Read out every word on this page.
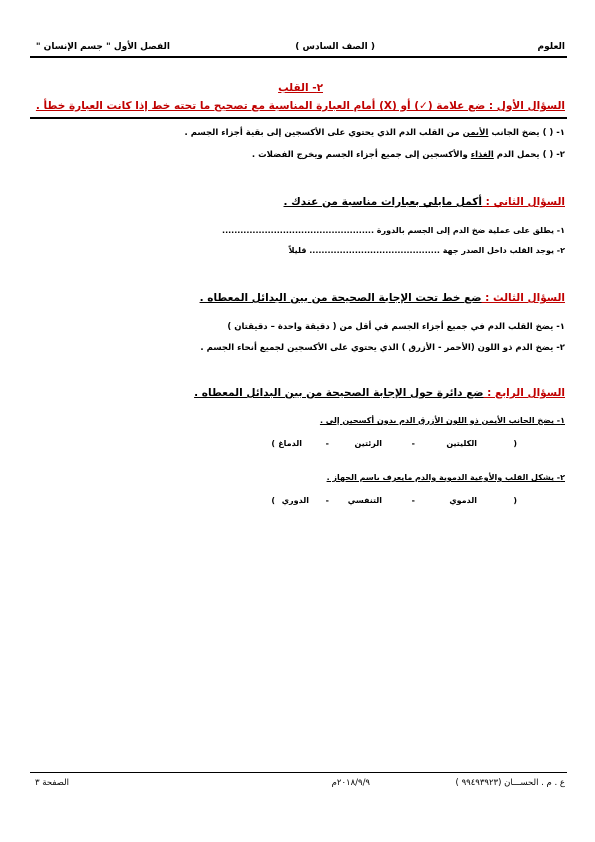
العلوم
( الصف السادس )
الفصل الأول " جسم الإنسان "
٢- القلب
السؤال الأول : ضع علامة (✓) أو (X) أمام العبارة المناسبة مع تصحيح ما تحته خط إذا كانت العبارة خطأ .
١- ( ) يضخ الجانب الأيمن من القلب الدم الذي يحتوي على الأكسجين إلى بقية أجزاء الجسم .
٢- ( ) يحمل الدم الغذاء والأكسجين إلى جميع أجزاء الجسم ويخرج الفضلات .
السؤال الثاني : أكمل مايلي بعبارات مناسبة من عندك .
١- يطلق على عملية ضخ الدم إلى الجسم بالدورة ..................................................
٢- يوجد القلب داخل الصدر جهة ........................................... قليلاً
السؤال الثالث : ضع خط تحت الإجابة الصحيحة من بين البدائل المعطاه .
١- يضخ القلب الدم في جميع أجزاء الجسم في أقل من ( دقيقة واحدة – دقيقتان )
٢- يضخ الدم ذو اللون (الأحمر - الأزرق ) الذي يحتوي على الأكسجين لجميع أنحاء الجسم .
السؤال الرابع : ضع دائرة حول الإجابة الصحيحة من بين البدائل المعطاه .
١- يضخ الجانب الأيمن ذو اللون الأزرق الدم بدون أكسجين إلى .
(
الكليتين
-
الرئتين
-
الدماغ
)
٢- يشكل القلب والأوعية الدموية والدم مايعرف باسم الجهاز .
(
الدموي
-
التنفسي
-
الدوري
)
ع . م . الحســـان (٩٩٤٩٣٩٢٣ )
٢٠١٨/٩/٩م
الصفحة ٣
